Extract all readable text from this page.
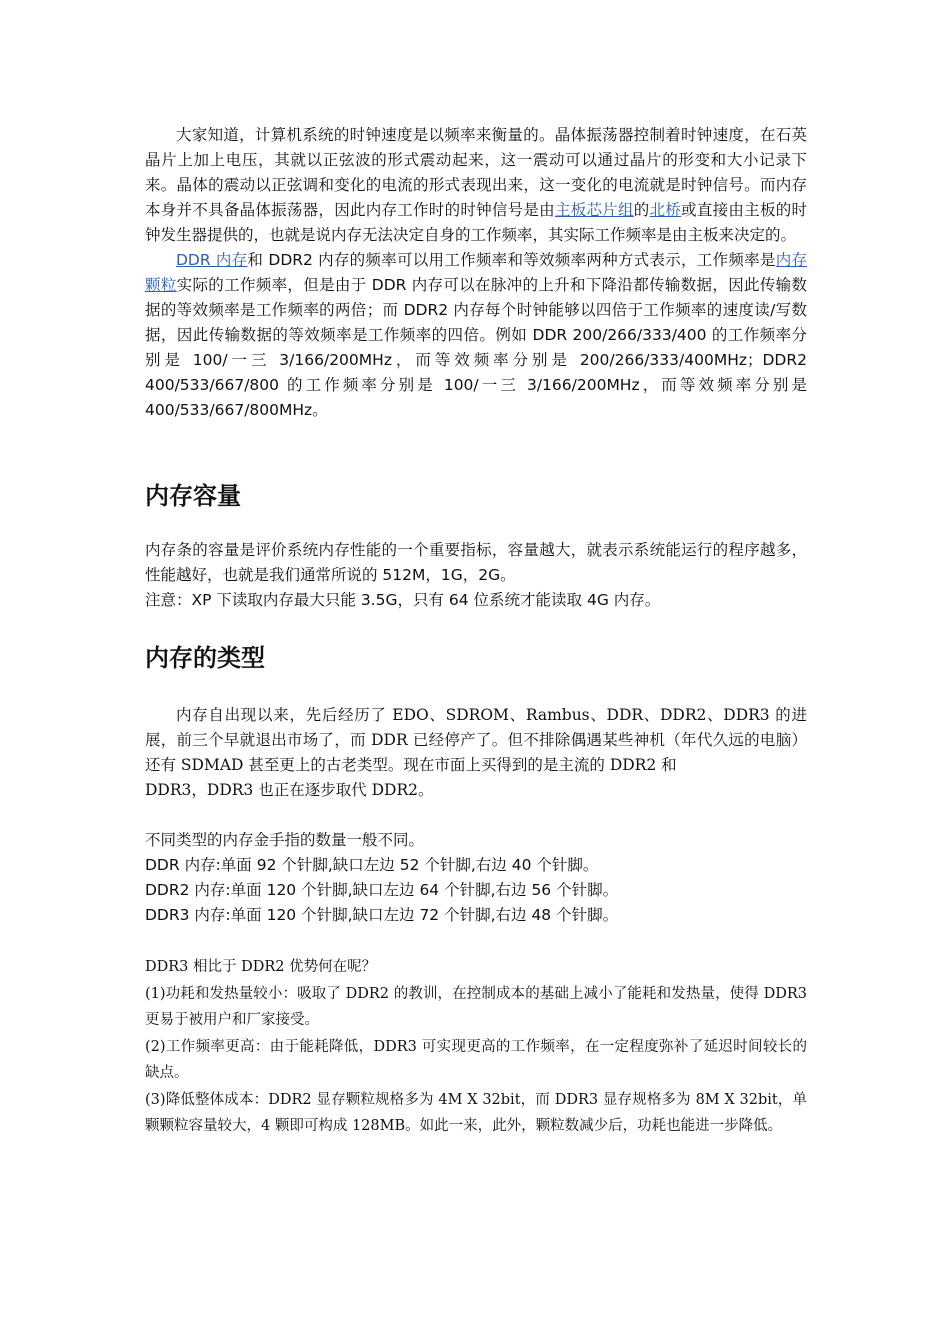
大家知道，计算机系统的时钟速度是以频率来衡量的。晶体振荡器控制着时钟速度，在石英晶片上加上电压，其就以正弦波的形式震动起来，这一震动可以通过晶片的形变和大小记录下来。晶体的震动以正弦调和变化的电流的形式表现出来，这一变化的电流就是时钟信号。而内存本身并不具备晶体振荡器，因此内存工作时的时钟信号是由主板芯片组的北桥或直接由主板的时钟发生器提供的，也就是说内存无法决定自身的工作频率，其实际工作频率是由主板来决定的。

DDR 内存和 DDR2 内存的频率可以用工作频率和等效频率两种方式表示，工作频率是内存颗粒实际的工作频率，但是由于 DDR 内存可以在脉冲的上升和下降沿都传输数据，因此传输数据的等效频率是工作频率的两倍；而 DDR2 内存每个时钟能够以四倍于工作频率的速度读/写数据，因此传输数据的等效频率是工作频率的四倍。例如 DDR 200/266/333/400 的工作频率分别是 100/一三 3/166/200MHz，而等效频率分别是 200/266/333/400MHz；DDR2 400/533/667/800 的工作频率分别是 100/一三 3/166/200MHz，而等效频率分别是 400/533/667/800MHz。

内存容量

内存条的容量是评价系统内存性能的一个重要指标，容量越大，就表示系统能运行的程序越多，性能越好，也就是我们通常所说的 512M，1G，2G。

注意：XP 下读取内存最大只能 3.5G，只有 64 位系统才能读取 4G 内存。

内存的类型

内存自出现以来，先后经历了 EDO、SDROM、Rambus、DDR、DDR2、DDR3 的进展，前三个早就退出市场了，而 DDR 已经停产了。但不排除偶遇某些神机（年代久远的电脑）还有 SDMAD 甚至更上的古老类型。现在市面上买得到的是主流的 DDR2 和

DDR3，DDR3 也正在逐步取代 DDR2。

不同类型的内存金手指的数量一般不同。

DDR 内存:单面 92 个针脚,缺口左边 52 个针脚,右边 40 个针脚。

DDR2 内存:单面 120 个针脚,缺口左边 64 个针脚,右边 56 个针脚。

DDR3 内存:单面 120 个针脚,缺口左边 72 个针脚,右边 48 个针脚。

DDR3 相比于 DDR2 优势何在呢？

(1)功耗和发热量较小：吸取了 DDR2 的教训，在控制成本的基础上减小了能耗和发热量，使得 DDR3 更易于被用户和厂家接受。

(2)工作频率更高：由于能耗降低，DDR3 可实现更高的工作频率，在一定程度弥补了延迟时间较长的缺点。

(3)降低整体成本：DDR2 显存颗粒规格多为 4M X 32bit，而 DDR3 显存规格多为 8M X 32bit，单颗颗粒容量较大，4 颗即可构成 128MB。如此一来，此外，颗粒数减少后，功耗也能进一步降低。
